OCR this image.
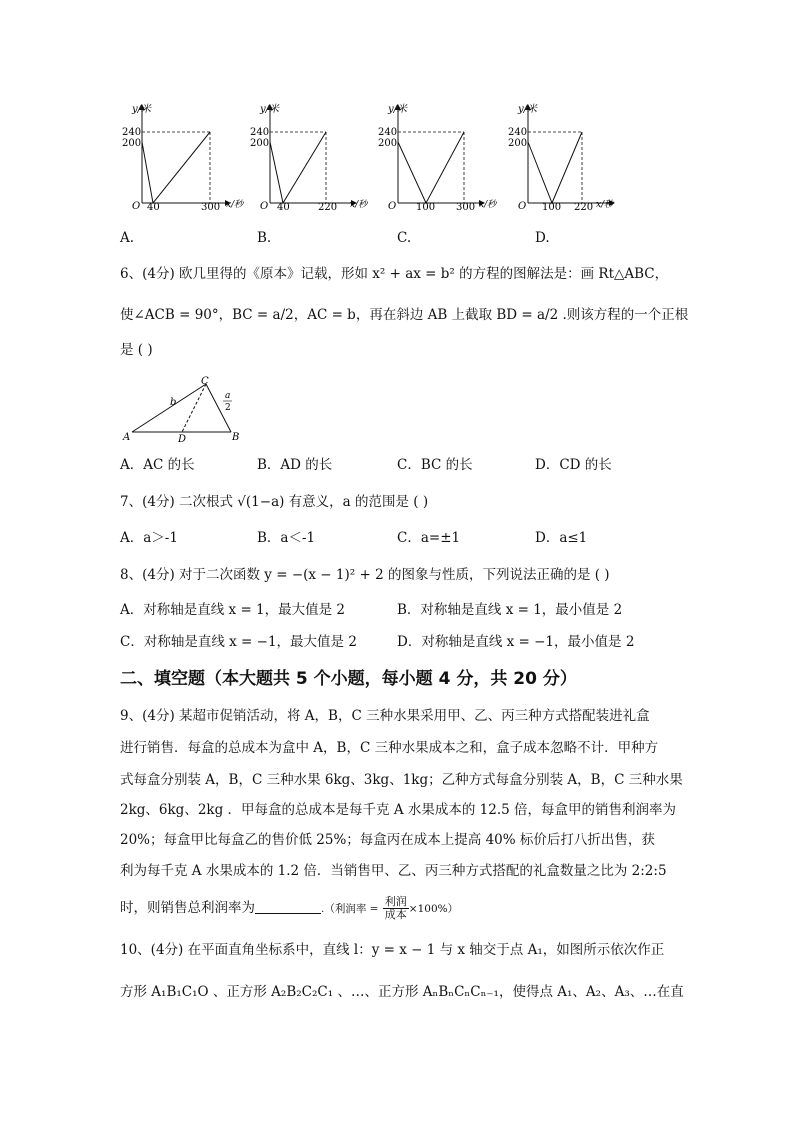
y/米
240
200
O 40	300 x/秒
y/米
240
200
O 40	220 x/秒
y/米
240
200
O 100 300 x/秒
y/米
240
200
O 100 220 x/秒
A.	B.	C.	D.
6、(4分) 欧几里得的《原本》记载，形如 x² + ax = b² 的方程的图解法是：画 Rt△ABC，
使∠ACB = 90°，BC = a/2，AC = b，再在斜边 AB 上截取 BD = a/2 .则该方程的一个正根
是 ( )
C
A	D	B
b
a
2
A．AC 的长	B．AD 的长	C．BC 的长	D．CD 的长
7、(4分) 二次根式 √(1−a) 有意义，a 的范围是 ( )
A．a＞-1	B．a＜-1	C．a=±1	D．a≤1
8、(4分) 对于二次函数 y = −(x − 1)² + 2 的图象与性质，下列说法正确的是 ( )
A．对称轴是直线 x = 1，最大值是 2	B．对称轴是直线 x = 1，最小值是 2
C．对称轴是直线 x = −1，最大值是 2	D．对称轴是直线 x = −1，最小值是 2
二、填空题（本大题共 5 个小题，每小题 4 分，共 20 分）
9、(4分) 某超市促销活动，将 A，B，C 三种水果采用甲、乙、丙三种方式搭配装进礼盒
进行销售．每盒的总成本为盒中 A，B，C 三种水果成本之和，盒子成本忽略不计．甲种方
式每盒分别装 A，B，C 三种水果 6kg、3kg、1kg；乙种方式每盒分别装 A，B，C 三种水果
2kg、6kg、2kg ．甲每盒的总成本是每千克 A 水果成本的 12.5 倍，每盒甲的销售利润率为
20%；每盒甲比每盒乙的售价低 25%；每盒丙在成本上提高 40% 标价后打八折出售，获
利为每千克 A 水果成本的 1.2 倍．当销售甲、乙、丙三种方式搭配的礼盒数量之比为 2:2:5
时，则销售总利润率为	.（利润率 = $\frac{\text{利润}}{\text{成本}} \times 100\%$）
10、(4分) 在平面直角坐标系中，直线 l：y = x − 1 与 x 轴交于点 A₁，如图所示依次作正
方形 A₁B₁C₁O 、正方形 A₂B₂C₂C₁ 、…、正方形 AₙBₙCₙCₙ₋₁，使得点 A₁、A₂、A₃、…在直
